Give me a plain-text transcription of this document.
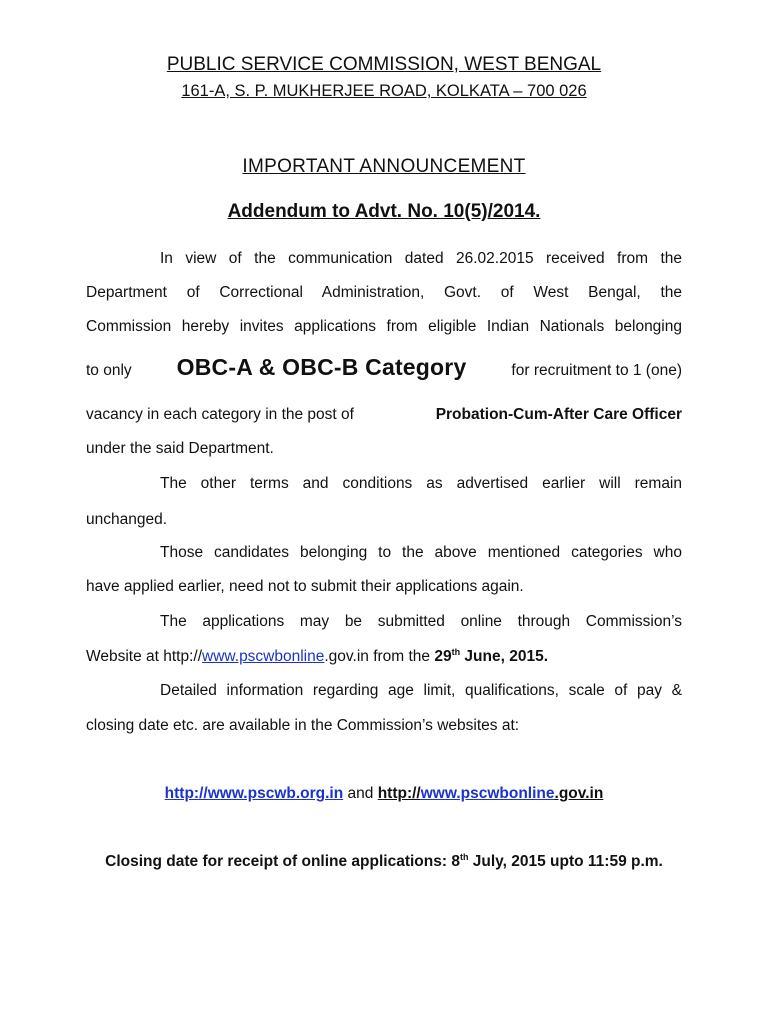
PUBLIC SERVICE COMMISSION, WEST BENGAL
161-A, S. P. MUKHERJEE ROAD, KOLKATA – 700 026
IMPORTANT ANNOUNCEMENT
Addendum to Advt. No. 10(5)/2014.
In view of the communication dated 26.02.2015 received from the
Department of Correctional Administration, Govt. of West Bengal, the
Commission hereby invites applications from eligible Indian Nationals belonging
to only OBC-A & OBC-B Category	for recruitment to 1 (one)
vacancy in each category in the post of	Probation-Cum-After Care Officer
under the said Department.
The other terms and conditions as advertised earlier will remain
unchanged.
Those candidates belonging to the above mentioned categories who
have applied earlier, need not to submit their applications again.
The applications may be submitted online through Commission’s
Website at http://www.pscwbonline.gov.in from the 29th June, 2015.
Detailed information regarding age limit, qualifications, scale of pay &
closing date etc. are available in the Commission’s websites at:
http://www.pscwb.org.in and http://www.pscwbonline.gov.in
Closing date for receipt of online applications: 8th July, 2015 upto 11:59 p.m.
